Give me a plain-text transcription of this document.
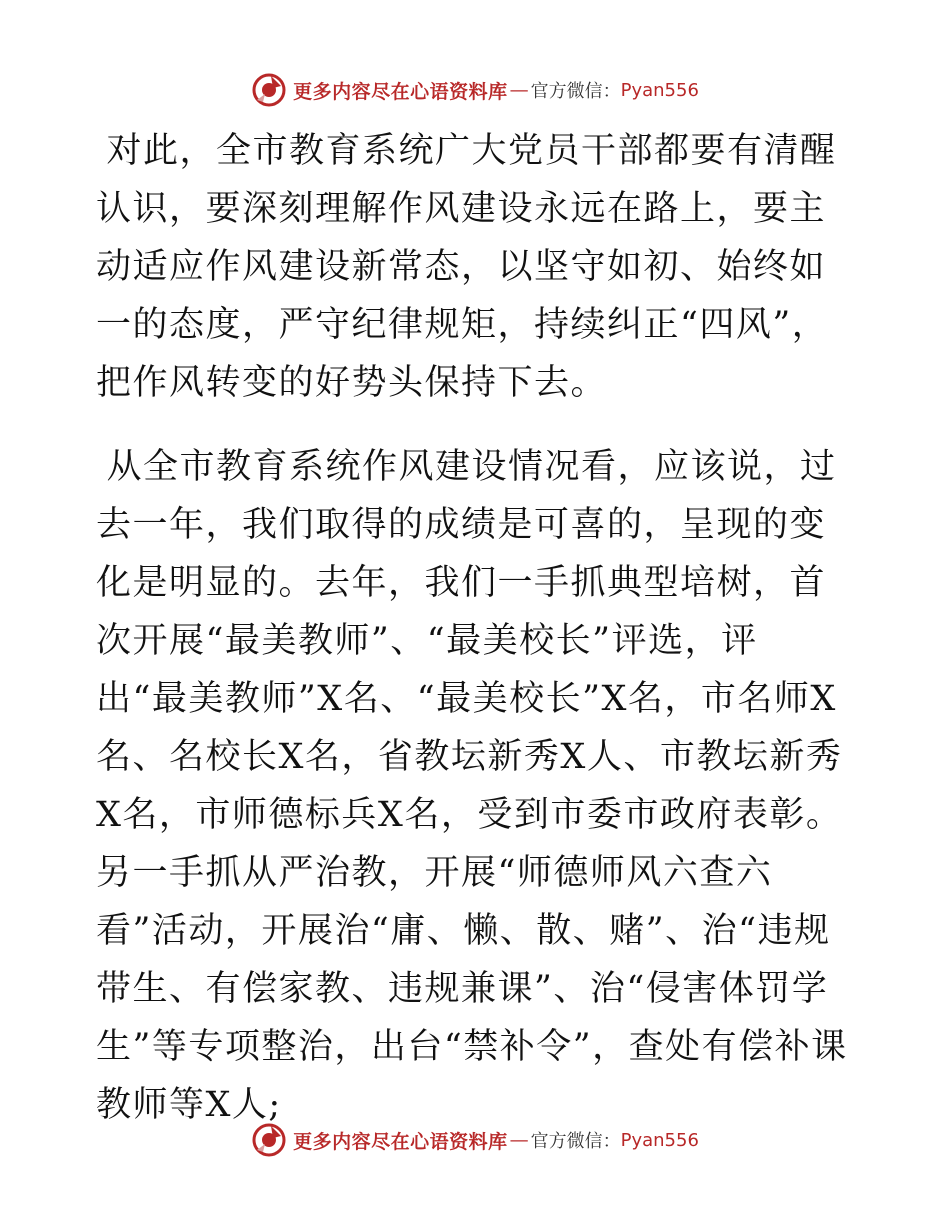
更多内容尽在心语资料库 — 官方微信： Pyan556

对此，全市教育系统广大党员干部都要有清醒认识，要深刻理解作风建设永远在路上，要主动适应作风建设新常态，以坚守如初、始终如一的态度，严守纪律规矩，持续纠正“四风”，把作风转变的好势头保持下去。

从全市教育系统作风建设情况看，应该说，过去一年，我们取得的成绩是可喜的，呈现的变化是明显的。去年，我们一手抓典型培树，首次开展“最美教师”、“最美校长”评选，评出“最美教师”X名、“最美校长”X名，市名师X名、名校长X名，省教坛新秀X人、市教坛新秀X名，市师德标兵X名，受到市委市政府表彰。另一手抓从严治教，开展“师德师风六查六看”活动，开展治“庸、懒、散、赌”、治“违规带生、有偿家教、违规兼课”、治“侵害体罚学生”等专项整治，出台“禁补令”，查处有偿补课教师等X人;

更多内容尽在心语资料库 — 官方微信： Pyan556
